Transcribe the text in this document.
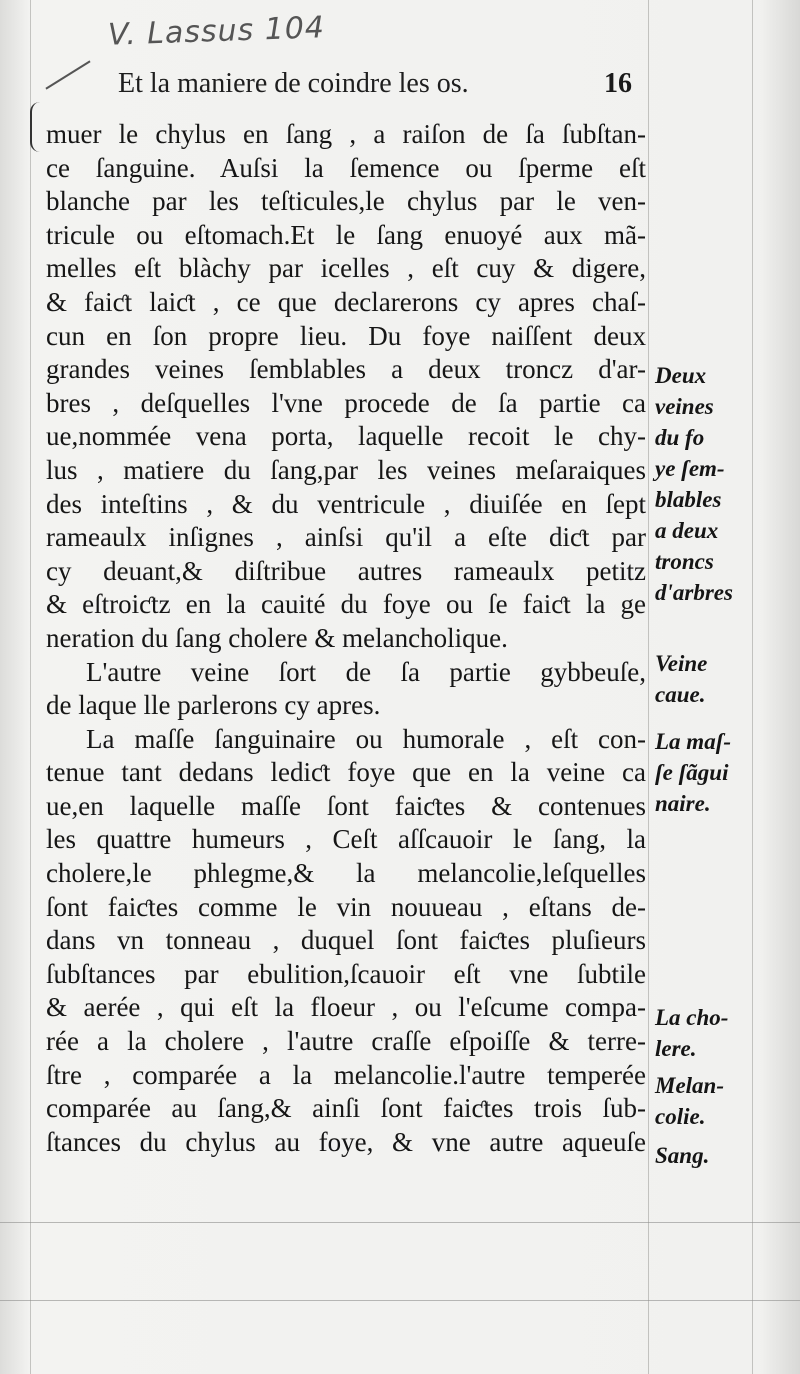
V. Lassus 104
Et la maniere de coindre les os.	16
muer le chylus en ſang , a raiſon de ſa ſubſtan-
ce ſanguine. Auſsi la ſemence ou ſperme eſt
blanche par les teſticules,le chylus par le ven-
tricule ou eſtomach.Et le ſang enuoyé aux mã-
melles eſt blàchy par icelles , eſt cuy & digere,
& faiƈt laiƈt , ce que declarerons cy apres chaſ-
cun en ſon propre lieu. Du foye naiſſent deux
grandes veines ſemblables a deux troncz d'ar-
bres , deſquelles l'vne procede de ſa partie ca
ue,nommée vena porta, laquelle recoit le chy-
lus , matiere du ſang,par les veines meſaraiques
des inteſtins , & du ventricule , diuiſée en ſept
rameaulx inſignes , ainſsi qu'il a eſte diƈt par
cy deuant,& diſtribue autres rameaulx petitz
& eſtroiƈtz en la cauité du foye ou ſe faiƈt la ge
neration du ſang cholere & melancholique.
L'autre veine ſort de ſa partie gybbeuſe,
de laque lle parlerons cy apres.
La maſſe ſanguinaire ou humorale , eſt con-
tenue tant dedans lediƈt foye que en la veine ca
ue,en laquelle maſſe ſont faiƈtes & contenues
les quattre humeurs , Ceſt aſſcauoir le ſang, la
cholere,le phlegme,& la melancolie,leſquelles
ſont faiƈtes comme le vin nouueau , eſtans de-
dans vn tonneau , duquel ſont faiƈtes pluſieurs
ſubſtances par ebulition,ſcauoir eſt vne ſubtile
& aerée , qui eſt la floeur , ou l'eſcume compa-
rée a la cholere , l'autre craſſe eſpoiſſe & terre-
ſtre , comparée a la melancolie.l'autre temperée
comparée au ſang,& ainſi ſont faiƈtes trois ſub-
ſtances du chylus au foye, & vne autre aqueuſe
Deux
veines
du fo
ye ſem-
blables
a deux
troncs
d'arbres
Veine
caue.
La maſ-
ſe ſãgui
naire.
La cho-
lere.
Melan-
colie.
Sang.
